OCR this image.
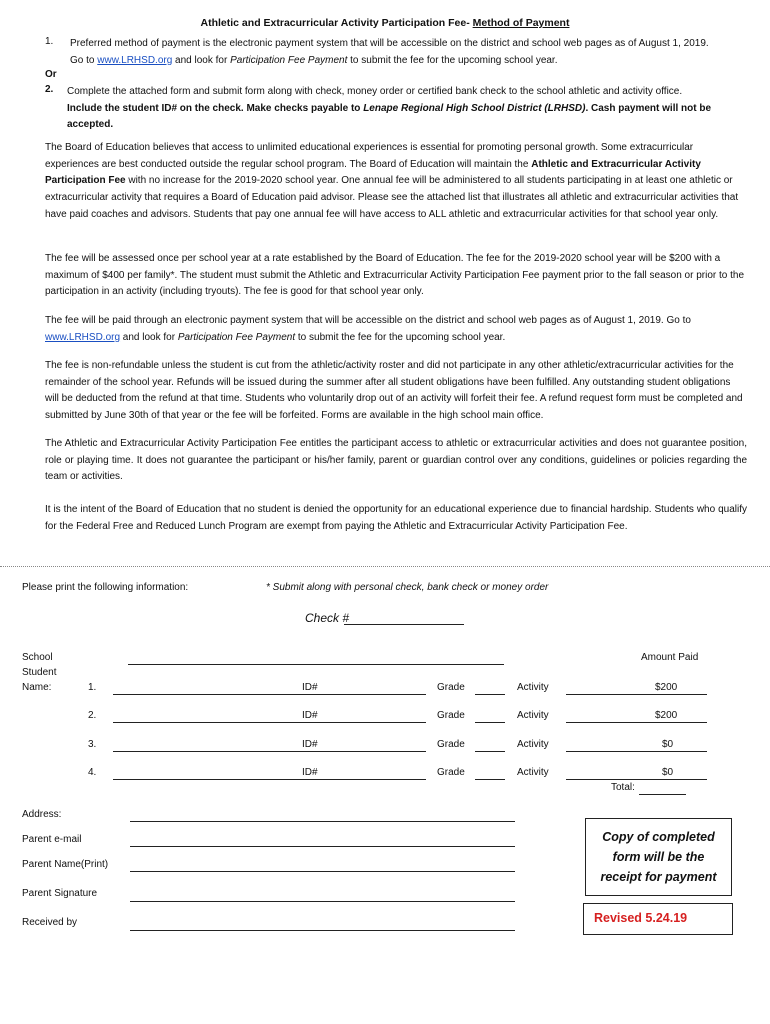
Athletic and Extracurricular Activity Participation Fee- Method of Payment
1. Preferred method of payment is the electronic payment system that will be accessible on the district and school web pages as of August 1, 2019.
Go to www.LRHSD.org and look for Participation Fee Payment to submit the fee for the upcoming school year.
Or
2. Complete the attached form and submit form along with check, money order or certified bank check to the school athletic and activity office.
Include the student ID# on the check. Make checks payable to Lenape Regional High School District (LRHSD). Cash payment will not be accepted.
The Board of Education believes that access to unlimited educational experiences is essential for promoting personal growth. Some extracurricular experiences are best conducted outside the regular school program. The Board of Education will maintain the Athletic and Extracurricular Activity Participation Fee with no increase for the 2019-2020 school year. One annual fee will be administered to all students participating in at least one athletic or extracurricular activity that requires a Board of Education paid advisor. Please see the attached list that illustrates all athletic and extracurricular activities that have paid coaches and advisors. Students that pay one annual fee will have access to ALL athletic and extracurricular activities for that school year only.
The fee will be assessed once per school year at a rate established by the Board of Education. The fee for the 2019-2020 school year will be $200 with a maximum of $400 per family*. The student must submit the Athletic and Extracurricular Activity Participation Fee payment prior to the fall season or prior to the participation in an activity (including tryouts). The fee is good for that school year only.
The fee will be paid through an electronic payment system that will be accessible on the district and school web pages as of August 1, 2019. Go to www.LRHSD.org and look for Participation Fee Payment to submit the fee for the upcoming school year.
The fee is non-refundable unless the student is cut from the athletic/activity roster and did not participate in any other athletic/extracurricular activities for the remainder of the school year. Refunds will be issued during the summer after all student obligations have been fulfilled. Any outstanding student obligations will be deducted from the refund at that time. Students who voluntarily drop out of an activity will forfeit their fee. A refund request form must be completed and submitted by June 30th of that year or the fee will be forfeited. Forms are available in the high school main office.
The Athletic and Extracurricular Activity Participation Fee entitles the participant access to athletic or extracurricular activities and does not guarantee position, role or playing time. It does not guarantee the participant or his/her family, parent or guardian control over any conditions, guidelines or policies regarding the team or activities.
It is the intent of the Board of Education that no student is denied the opportunity for an educational experience due to financial hardship. Students who qualify for the Federal Free and Reduced Lunch Program are exempt from paying the Athletic and Extracurricular Activity Participation Fee.
Please print the following information:	* Submit along with personal check, bank check or money order
Check #
School
Student
Name:
Amount Paid
1.	ID#	Grade	Activity	$200
2.	ID#	Grade	Activity	$200
3.	ID#	Grade	Activity	$0
4.	ID#	Grade	Activity	$0
Total:
Address:
Parent e-mail
Parent Name(Print)
Parent Signature
Received by
Copy of completed
form will be the
receipt for payment
Revised 5.24.19
